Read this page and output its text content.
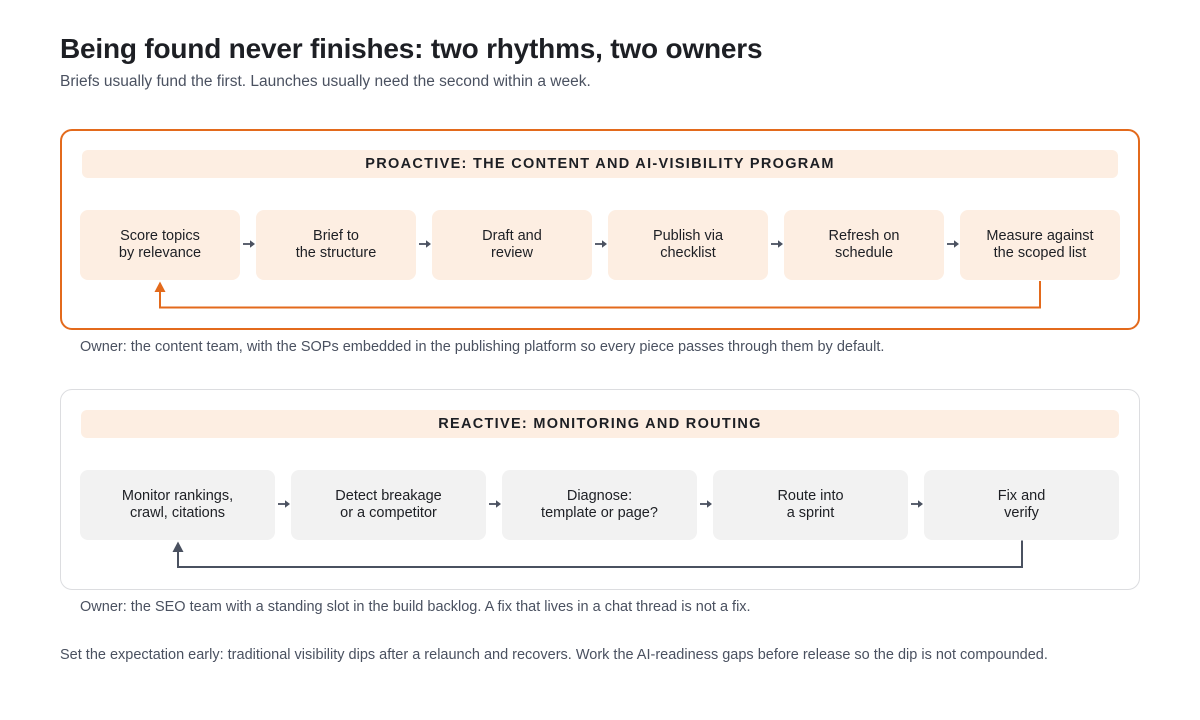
Being found never finishes: two rhythms, two owners

Briefs usually fund the first. Launches usually need the second within a week.

PROACTIVE: THE CONTENT AND AI-VISIBILITY PROGRAM
Score topics
by relevance
Brief to
the structure
Draft and
review
Publish via
checklist
Refresh on
schedule
Measure against
the scoped list

Owner: the content team, with the SOPs embedded in the publishing platform so every piece passes through them by default.

REACTIVE: MONITORING AND ROUTING
Monitor rankings,
crawl, citations
Detect breakage
or a competitor
Diagnose:
template or page?
Route into
a sprint
Fix and
verify

Owner: the SEO team with a standing slot in the build backlog. A fix that lives in a chat thread is not a fix.

Set the expectation early: traditional visibility dips after a relaunch and recovers. Work the AI-readiness gaps before release so the dip is not compounded.
